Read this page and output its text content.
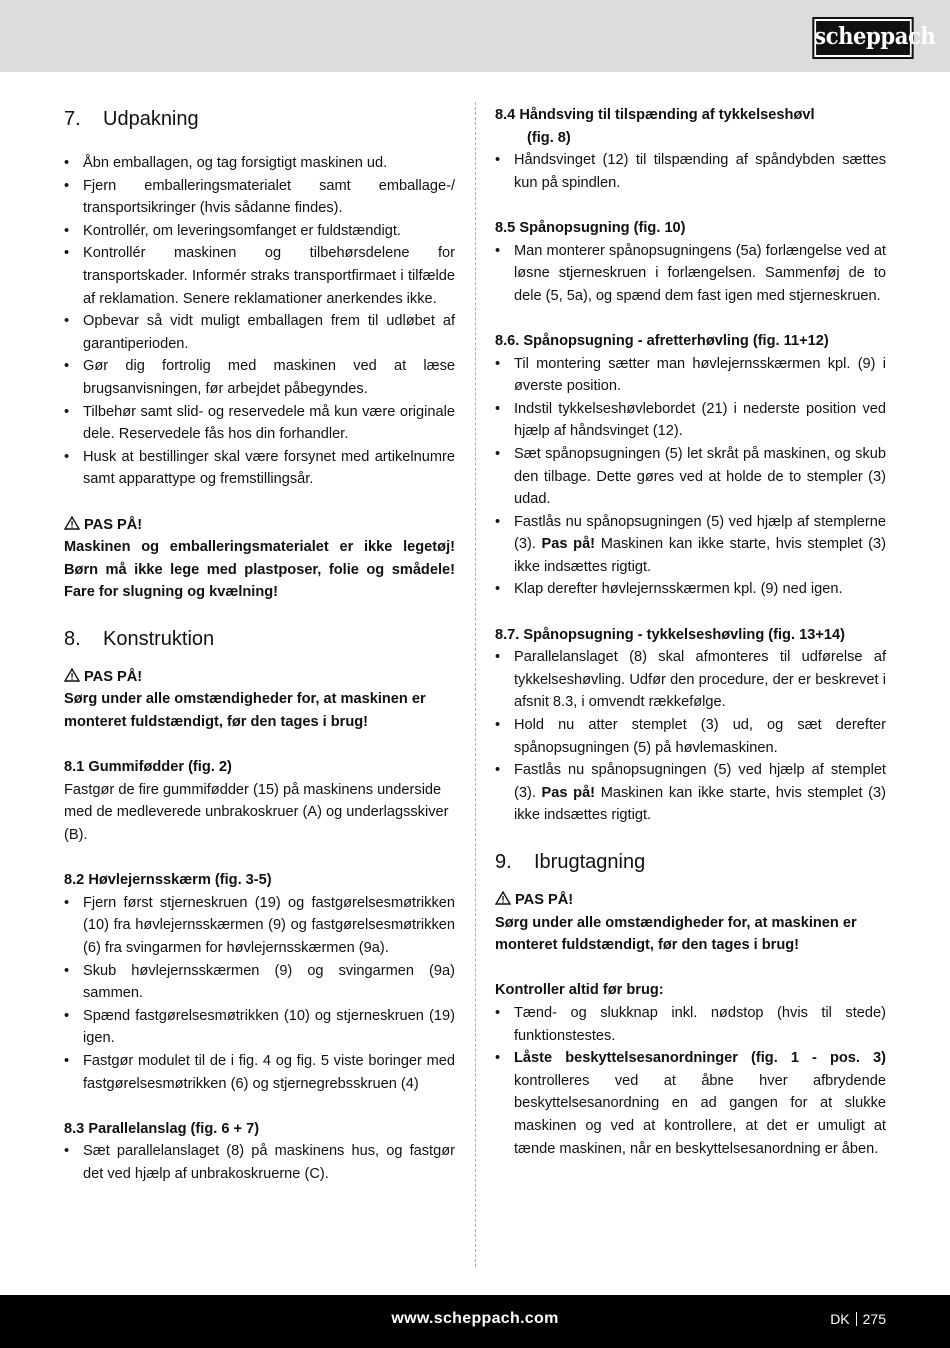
scheppach
7. Udpakning
• Åbn emballagen, og tag forsigtigt maskinen ud.
• Fjern emballeringsmaterialet samt emballage-/ transportsikringer (hvis sådanne findes).
• Kontrollér, om leveringsomfanget er fuldstændigt.
• Kontrollér maskinen og tilbehørsdelene for transportskader. Informér straks transportfirmaet i tilfælde af reklamation. Senere reklamationer anerkendes ikke.
• Opbevar så vidt muligt emballagen frem til udløbet af garantiperioden.
• Gør dig fortrolig med maskinen ved at læse brugsanvisningen, før arbejdet påbegyndes.
• Tilbehør samt slid- og reservedele må kun være originale dele. Reservedele fås hos din forhandler.
• Husk at bestillinger skal være forsynet med artikelnumre samt apparattype og fremstillingsår.
PAS PÅ!

Maskinen og emballeringsmaterialet er ikke legetøj! Børn må ikke lege med plastposer, folie og smådele! Fare for slugning og kvælning!

8. Konstruktion
PAS PÅ!

Sørg under alle omstændigheder for, at maskinen er monteret fuldstændigt, før den tages i brug!

8.1 Gummifødder (fig. 2)

Fastgør de fire gummifødder (15) på maskinens underside med de medleverede unbrakoskruer (A) og underlagsskiver (B).

8.2 Høvlejernsskærm (fig. 3-5)

• Fjern først stjerneskruen (19) og fastgørelsesmøtrikken (10) fra høvlejernsskærmen (9) og fastgørelsesmøtrikken (6) fra svingarmen for høvlejernsskærmen (9a).
• Skub høvlejernsskærmen (9) og svingarmen (9a) sammen.
• Spænd fastgørelsesmøtrikken (10) og stjerneskruen (19) igen.
• Fastgør modulet til de i fig. 4 og fig. 5 viste boringer med fastgørelsesmøtrikken (6) og stjernegrebsskruen (4)

8.3 Parallelanslag (fig. 6 + 7)

• Sæt parallelanslaget (8) på maskinens hus, og fastgør det ved hjælp af unbrakoskruerne (C).

8.4 Håndsving til tilspænding af tykkelseshøvl

(fig. 8)

• Håndsvinget (12) til tilspænding af spåndybden sættes kun på spindlen.

8.5 Spånopsugning (fig. 10)

• Man monterer spånopsugningens (5a) forlængelse ved at løsne stjerneskruen i forlængelsen. Sammenføj de to dele (5, 5a), og spænd dem fast igen med stjerneskruen.

8.6. Spånopsugning - afretterhøvling (fig. 11+12)

• Til montering sætter man høvlejernsskærmen kpl. (9) i øverste position.
• Indstil tykkelseshøvlebordet (21) i nederste position ved hjælp af håndsvinget (12).
• Sæt spånopsugningen (5) let skråt på maskinen, og skub den tilbage. Dette gøres ved at holde de to stempler (3) udad.
• Fastlås nu spånopsugningen (5) ved hjælp af stemplerne (3). Pas på! Maskinen kan ikke starte, hvis stemplet (3) ikke indsættes rigtigt.
• Klap derefter høvlejernsskærmen kpl. (9) ned igen.

8.7. Spånopsugning - tykkelseshøvling (fig. 13+14)

• Parallelanslaget (8) skal afmonteres til udførelse af tykkelseshøvling. Udfør den procedure, der er beskrevet i afsnit 8.3, i omvendt rækkefølge.
• Hold nu atter stemplet (3) ud, og sæt derefter spånopsugningen (5) på høvlemaskinen.
• Fastlås nu spånopsugningen (5) ved hjælp af stemplet (3). Pas på! Maskinen kan ikke starte, hvis stemplet (3) ikke indsættes rigtigt.
9. Ibrugtagning
PAS PÅ!

Sørg under alle omstændigheder for, at maskinen er monteret fuldstændigt, før den tages i brug!

Kontroller altid før brug:

• Tænd- og slukknap inkl. nødstop (hvis til stede) funktionstestes.
• Låste beskyttelsesanordninger (fig. 1 - pos. 3) kontrolleres ved at åbne hver afbrydende beskyttelsesanordning en ad gangen for at slukke maskinen og ved at kontrollere, at det er umuligt at tænde maskinen, når en beskyttelsesanordning er åben.
www.scheppach.com	DK 275
